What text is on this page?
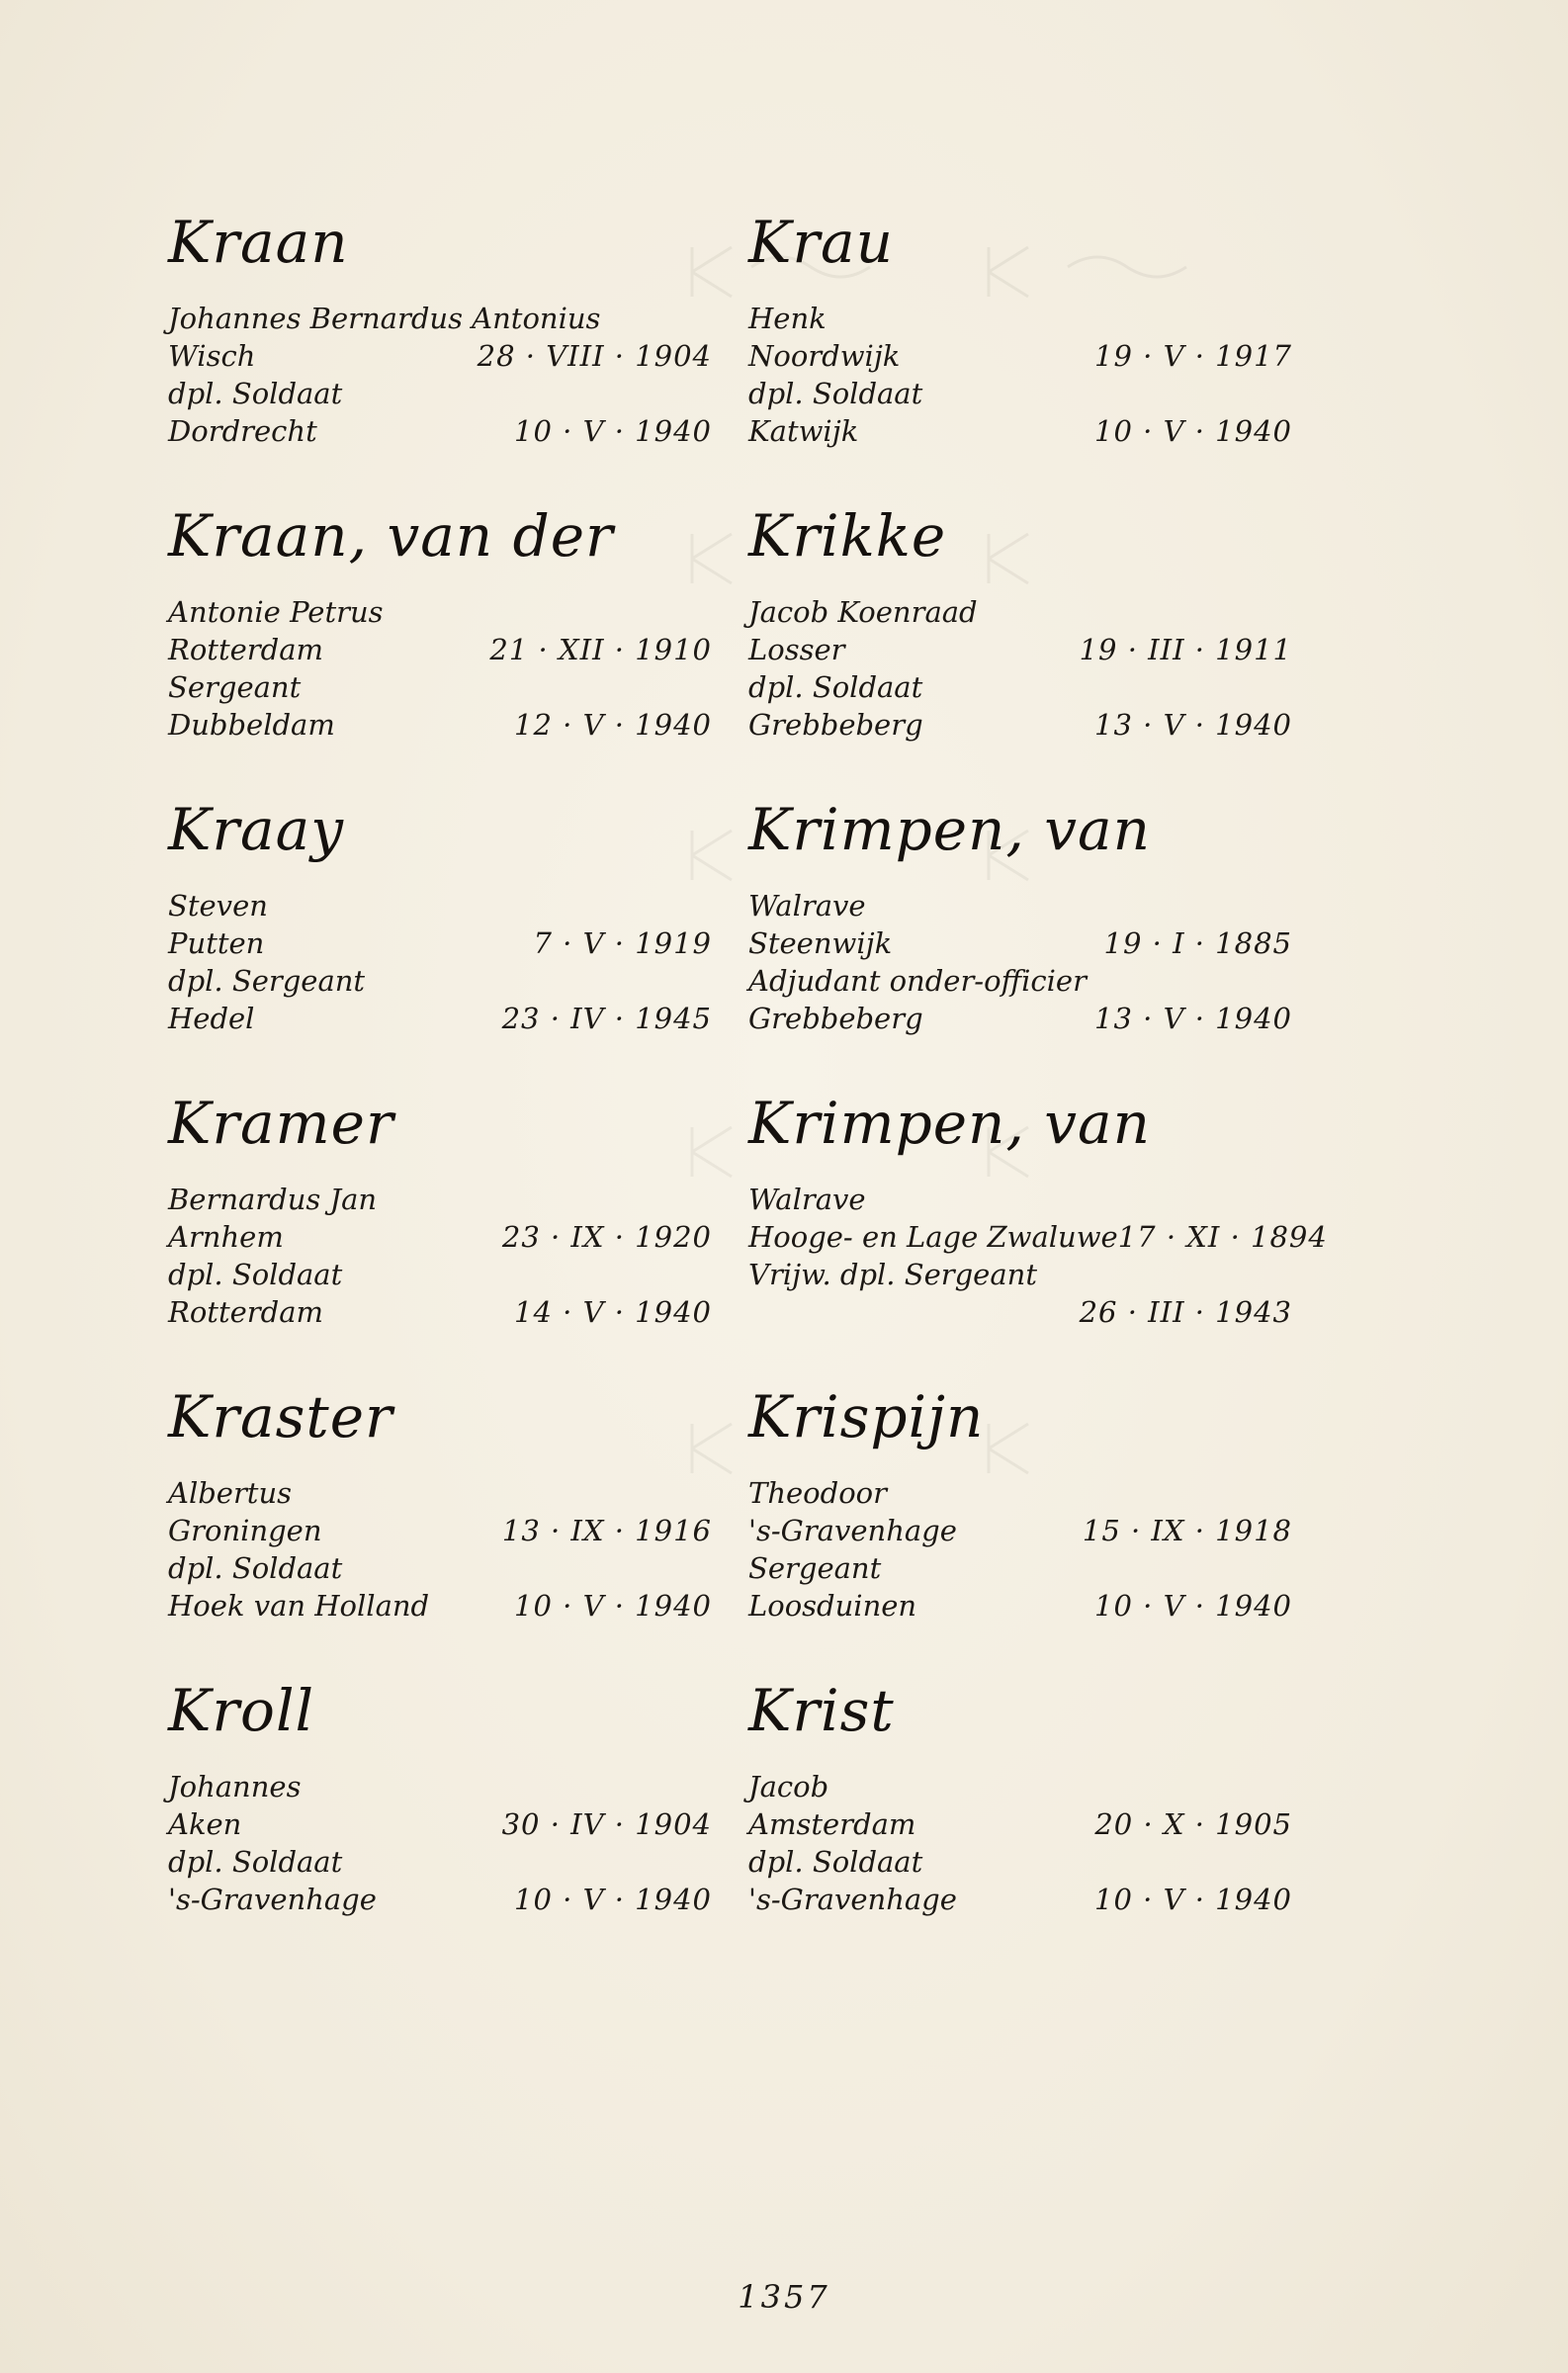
Kraan
Johannes Bernardus Antonius
Wisch	28 · VIII · 1904
dpl. Soldaat
Dordrecht	10 · V · 1940
Kraan, van der
Antonie Petrus
Rotterdam	21 · XII · 1910
Sergeant
Dubbeldam	12 · V · 1940
Kraay
Steven
Putten	7 · V · 1919
dpl. Sergeant
Hedel	23 · IV · 1945
Kramer
Bernardus Jan
Arnhem	23 · IX · 1920
dpl. Soldaat
Rotterdam	14 · V · 1940
Kraster
Albertus
Groningen	13 · IX · 1916
dpl. Soldaat
Hoek van Holland	10 · V · 1940
Kroll
Johannes
Aken	30 · IV · 1904
dpl. Soldaat
's-Gravenhage	10 · V · 1940
Krau
Henk
Noordwijk	19 · V · 1917
dpl. Soldaat
Katwijk	10 · V · 1940
Krikke
Jacob Koenraad
Losser	19 · III · 1911
dpl. Soldaat
Grebbeberg	13 · V · 1940
Krimpen, van
Walrave
Steenwijk	19 · I · 1885
Adjudant onder-officier
Grebbeberg	13 · V · 1940
Krimpen, van
Walrave
Hooge- en Lage Zwaluwe 17 · XI · 1894
Vrijw. dpl. Sergeant
26 · III · 1943
Krispijn
Theodoor
's-Gravenhage	15 · IX · 1918
Sergeant
Loosduinen	10 · V · 1940
Krist
Jacob
Amsterdam	20 · X · 1905
dpl. Soldaat
's-Gravenhage	10 · V · 1940
1357
